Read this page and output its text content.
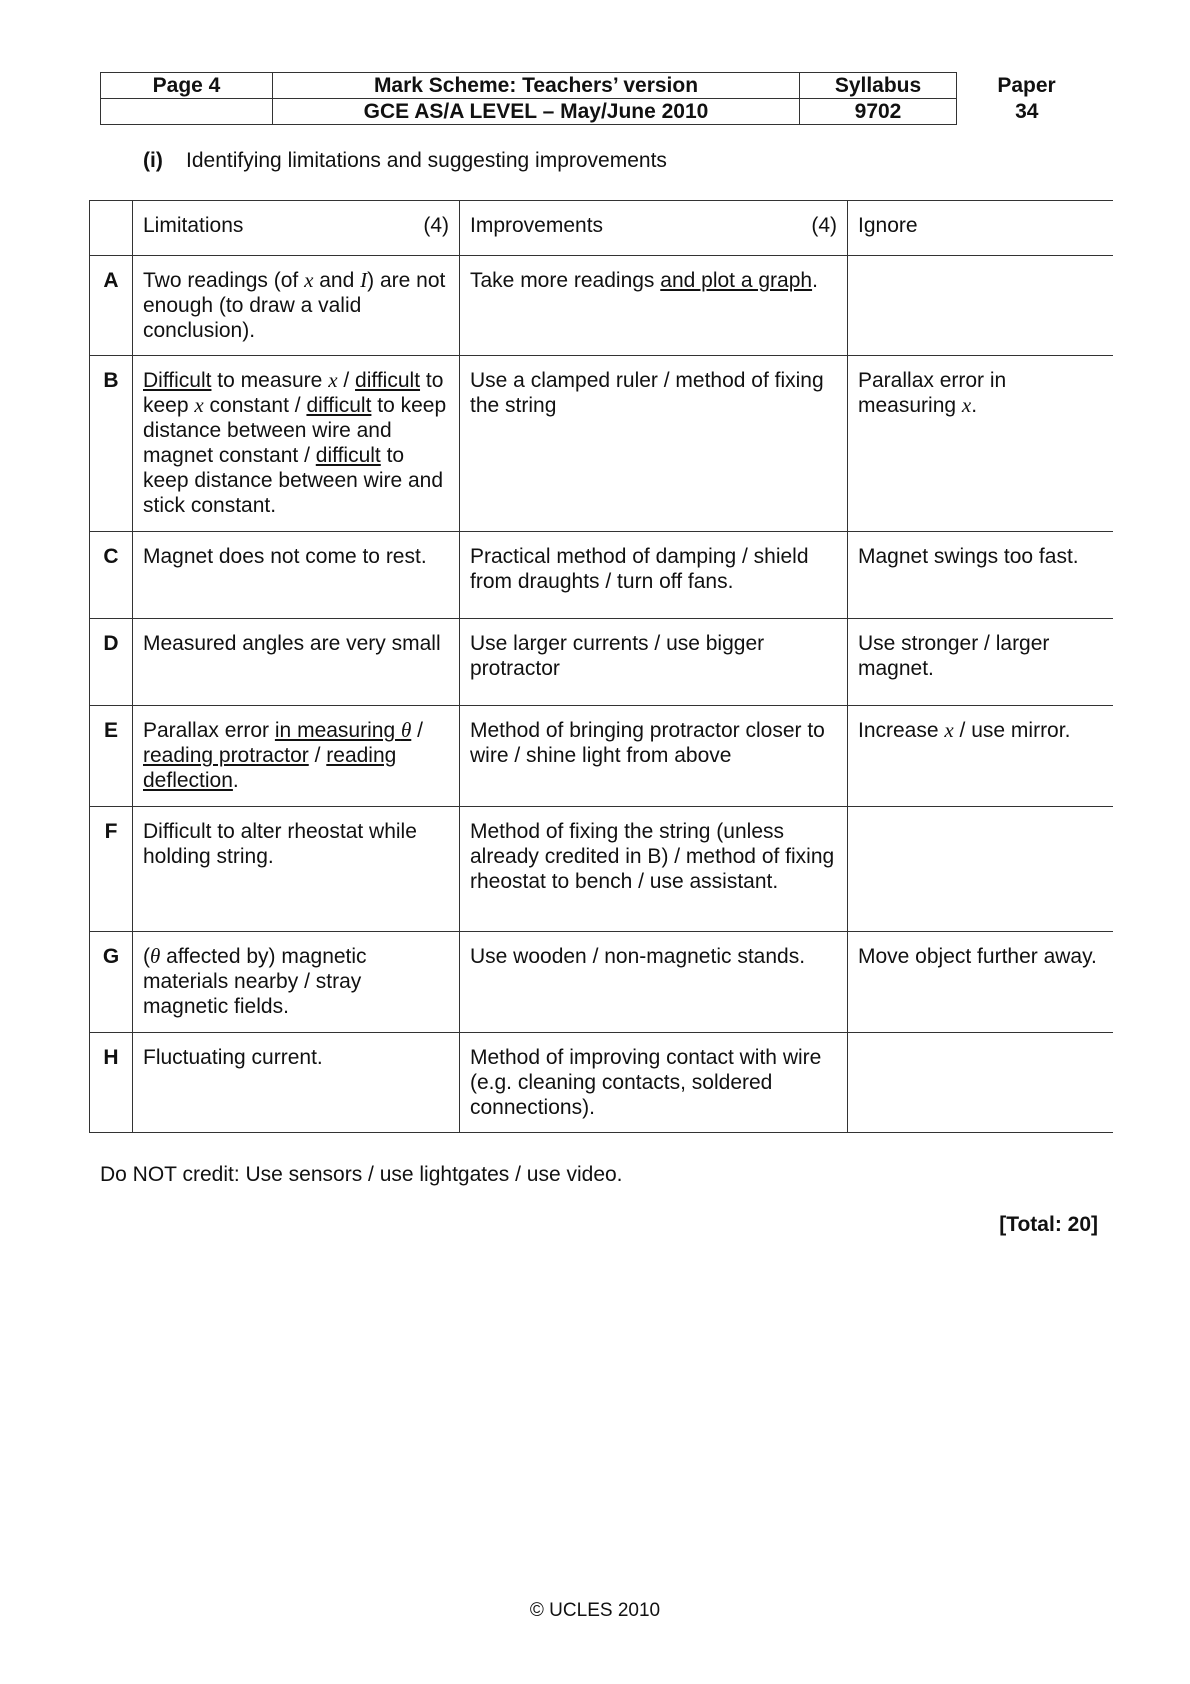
Page 4	Mark Scheme: Teachers’ version	Syllabus	Paper
	GCE AS/A LEVEL – May/June 2010	9702	34
(i) Identifying limitations and suggesting improvements
	Limitations (4)	Improvements (4)	Ignore
A	Two readings (of x and I) are not enough (to draw a valid conclusion).	Take more readings and plot a graph.	
B	Difficult to measure x / difficult to keep x constant / difficult to keep distance between wire and magnet constant / difficult to keep distance between wire and stick constant.	Use a clamped ruler / method of fixing the string	Parallax error in measuring x.
C	Magnet does not come to rest.	Practical method of damping / shield from draughts / turn off fans.	Magnet swings too fast.
D	Measured angles are very small	Use larger currents / use bigger protractor	Use stronger / larger magnet.
E	Parallax error in measuring θ / reading protractor / reading deflection.	Method of bringing protractor closer to wire / shine light from above	Increase x / use mirror.
F	Difficult to alter rheostat while holding string.	Method of fixing the string (unless already credited in B) / method of fixing rheostat to bench / use assistant.	
G	(θ affected by) magnetic materials nearby / stray magnetic fields.	Use wooden / non-magnetic stands.	Move object further away.
H	Fluctuating current.	Method of improving contact with wire (e.g. cleaning contacts, soldered connections).	
Do NOT credit: Use sensors / use lightgates / use video.
[Total: 20]
© UCLES 2010
